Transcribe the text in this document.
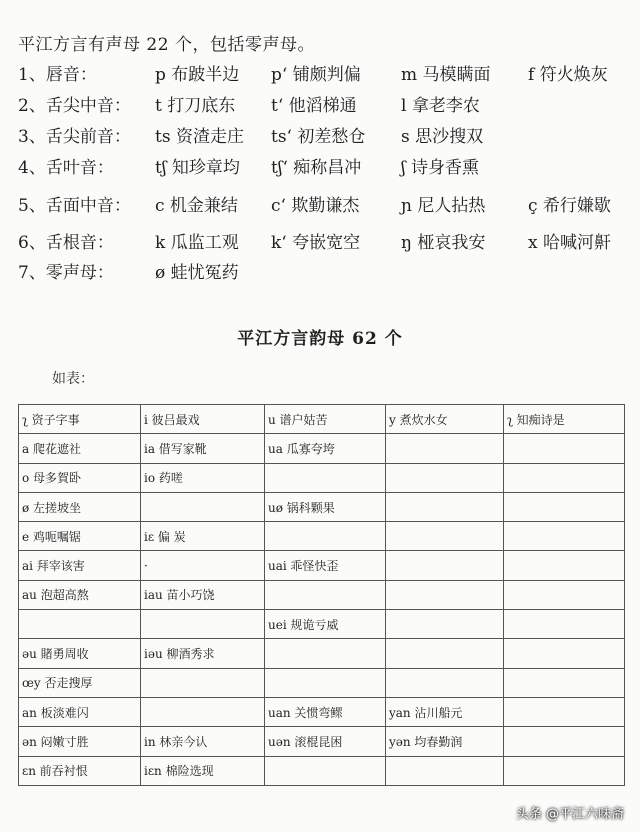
平江方言有声母 22 个，包括零声母。
1、唇音：	p 布跛半边 p‘ 铺颇判偏 m 马模瞒面 f 符火焕灰
2、舌尖中音： t 打刀底东 t‘ 他滔梯通	l 拿老李农
3、舌尖前音： ts 资渣走庄 ts‘ 初差愁仓 s 思沙搜双
4、舌叶音： tʃ 知珍章均 tʃ‘ 痴称昌冲 ʃ 诗身香熏
5、舌面中音： c 机金兼结 c‘ 欺勤谦杰 ɲ 尼人拈热	ç 希行嫌歇
6、舌根音： k 瓜监工观 k‘ 夸嵌宽空 ŋ 桠哀我安	x 哈喊河鼾
7、零声母： ø 蛙忧冤药
平江方言韵母 62 个
如表：
ʅ 资子字事	i 彼吕最戏	u 谱户姑苦	y 煮炊水女	ʅ 知痴诗是
a 爬花遮社	ia 借写家靴	ua 瓜寡夸垮		
o 母多賀卧	io 药嗟			
ø 左搓坡坐		uø 锅科颗果		
e 鸡呃嘱锯	iɛ 偏 炭			
ai 拜宰该害	·	uai 乖怪快歪		
au 泡超高熬	iau 苗小巧饶			
		uei 规诡亏威		
əu 賭勇周收	iəu 柳酒秀求			
œy 否走搜厚				
an 板淡难闪		uan 关惯弯鳏	yan 沾川船元	
ən 闷嫩寸胜	in 林亲今认	uən 滚棍昆困	yən 均春勤润	
ɛn 前吞衬恨	iɛn 棉险选现			
头条 @平江六味斋
